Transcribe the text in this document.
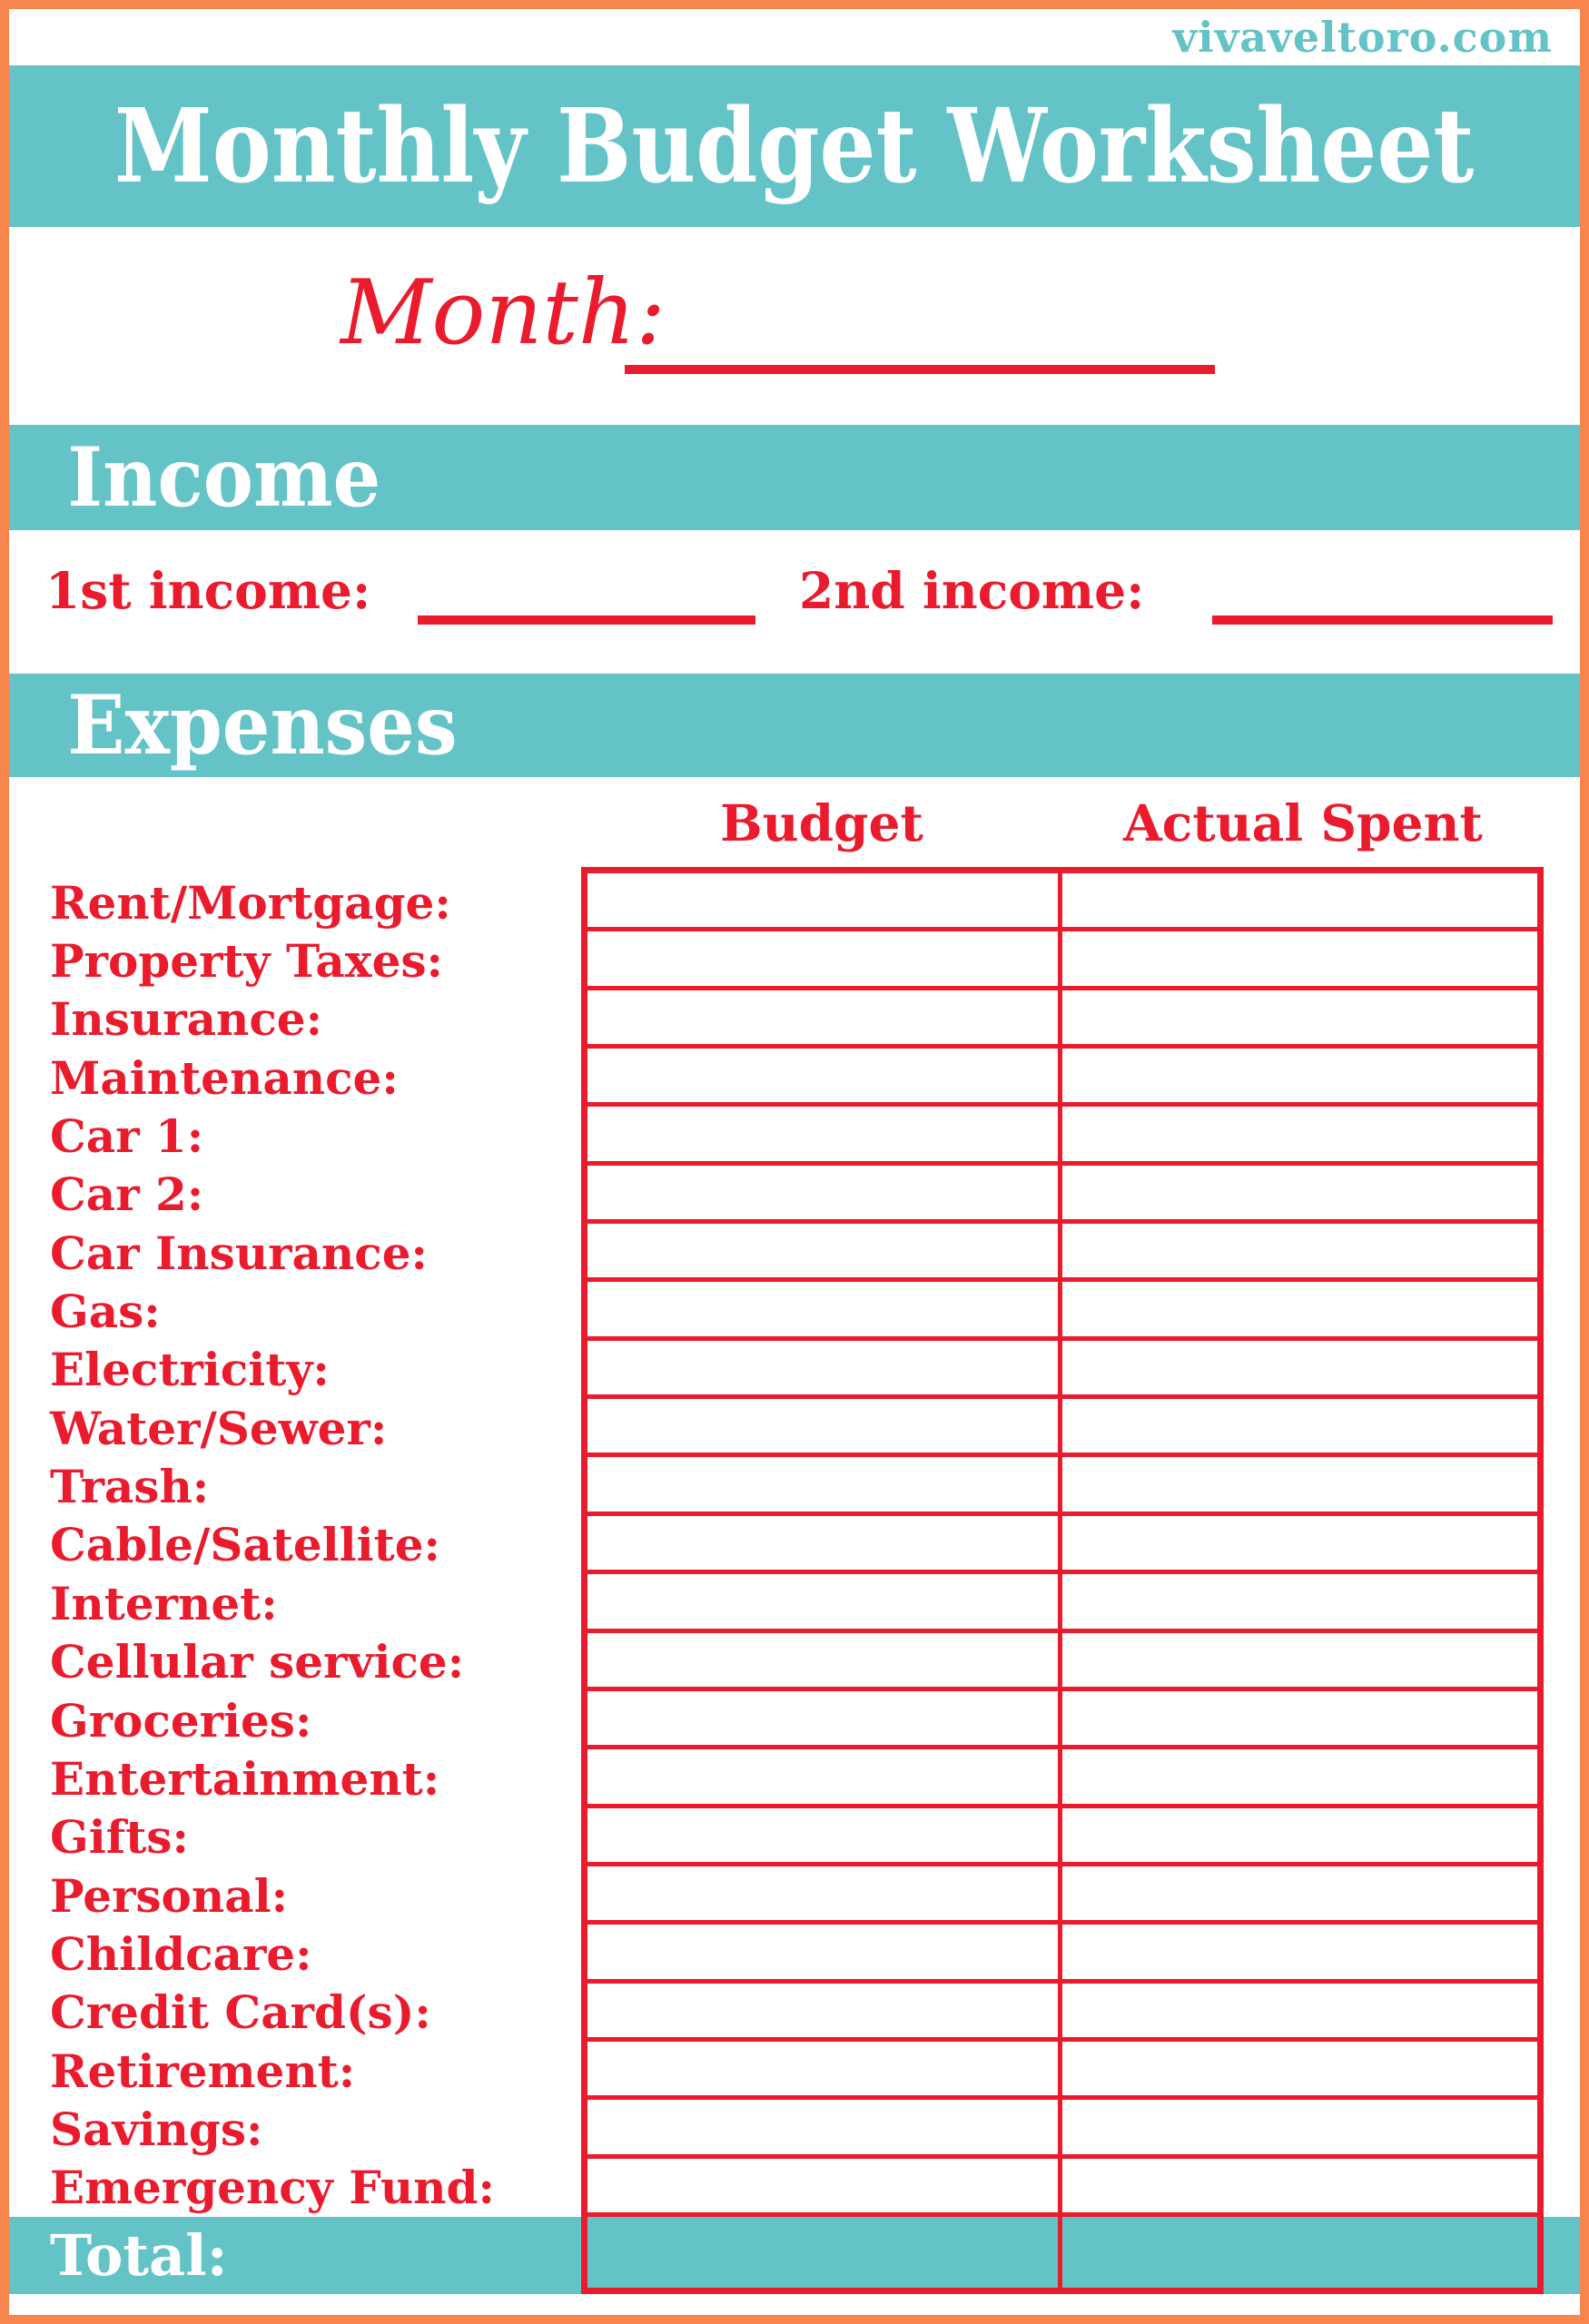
vivaveltoro.com
Monthly Budget Worksheet
Month:
Income
1st income:	2nd income:
Expenses
Budget	Actual Spent
Total:
Rent/Mortgage:
Property Taxes:
Insurance:
Maintenance:
Car 1:
Car 2:
Car Insurance:
Gas:
Electricity:
Water/Sewer:
Trash:
Cable/Satellite:
Internet:
Cellular service:
Groceries:
Entertainment:
Gifts:
Personal:
Childcare:
Credit Card(s):
Retirement:
Savings:
Emergency Fund:
